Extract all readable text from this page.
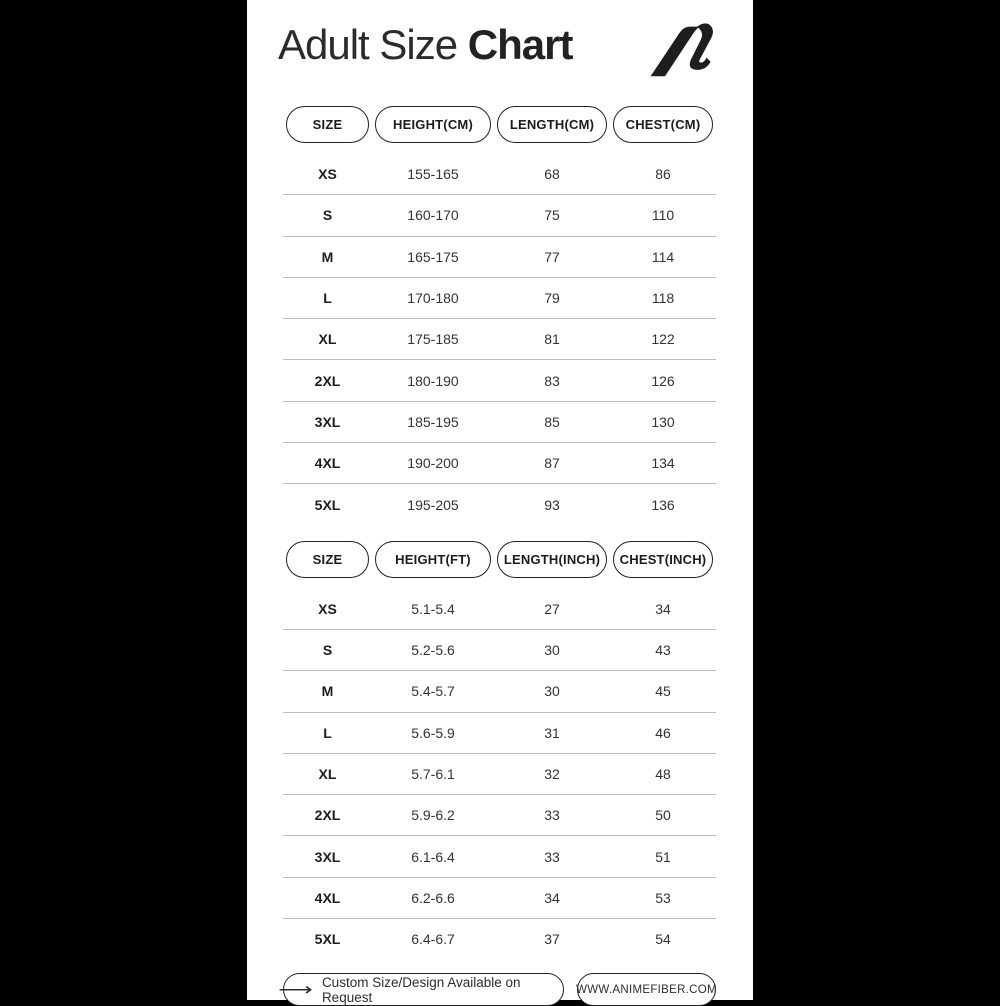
Adult Size Chart
SIZE	HEIGHT(CM)	LENGTH(CM)	CHEST(CM)
XS	155-165	68	86
S	160-170	75	110
M	165-175	77	114
L	170-180	79	118
XL	175-185	81	122
2XL	180-190	83	126
3XL	185-195	85	130
4XL	190-200	87	134
5XL	195-205	93	136
SIZE	HEIGHT(FT)	LENGTH(INCH)	CHEST(INCH)
XS	5.1-5.4	27	34
S	5.2-5.6	30	43
M	5.4-5.7	30	45
L	5.6-5.9	31	46
XL	5.7-6.1	32	48
2XL	5.9-6.2	33	50
3XL	6.1-6.4	33	51
4XL	6.2-6.6	34	53
5XL	6.4-6.7	37	54
⟶ Custom Size/Design Available on Request	WWW.ANIMEFIBER.COM
